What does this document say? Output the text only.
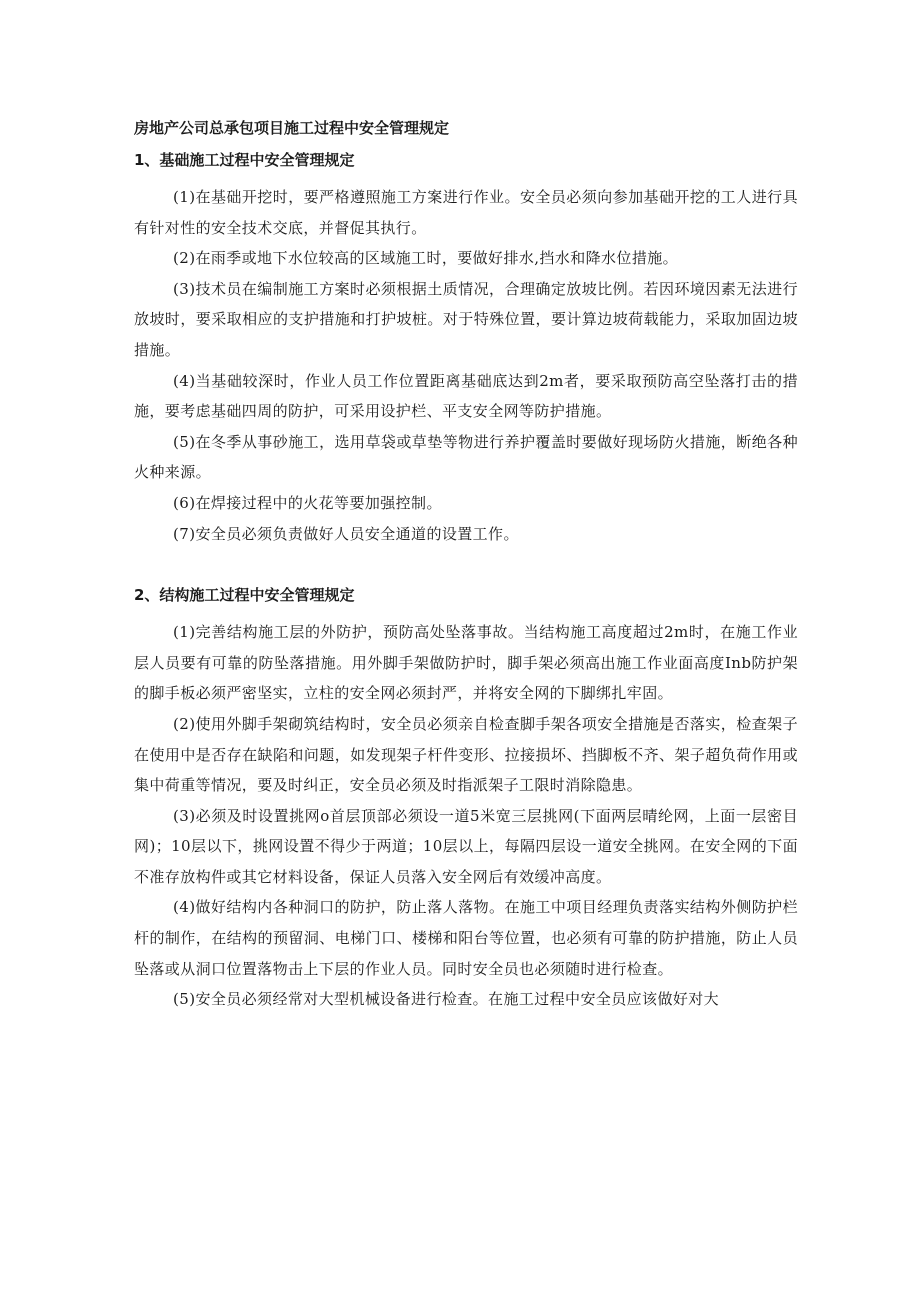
房地产公司总承包项目施工过程中安全管理规定

1、基础施工过程中安全管理规定

(1)在基础开挖时，要严格遵照施工方案进行作业。安全员必须向参加基础开挖的工人进行具有针对性的安全技术交底，并督促其执行。

(2)在雨季或地下水位较高的区域施工时，要做好排水,挡水和降水位措施。

(3)技术员在编制施工方案时必须根据土质情况，合理确定放坡比例。若因环境因素无法进行放坡时，要采取相应的支护措施和打护坡桩。对于特殊位置，要计算边坡荷载能力，采取加固边坡措施。

(4)当基础较深时，作业人员工作位置距离基础底达到2m者，要采取预防高空坠落打击的措施，要考虑基础四周的防护，可采用设护栏、平支安全网等防护措施。

(5)在冬季从事砂施工，选用草袋或草垫等物进行养护覆盖时要做好现场防火措施，断绝各种火种来源。

(6)在焊接过程中的火花等要加强控制。

(7)安全员必须负责做好人员安全通道的设置工作。

2、结构施工过程中安全管理规定

(1)完善结构施工层的外防护，预防高处坠落事故。当结构施工高度超过2m时，在施工作业层人员要有可靠的防坠落措施。用外脚手架做防护时，脚手架必须高出施工作业面高度Inb防护架的脚手板必须严密坚实，立柱的安全网必须封严，并将安全网的下脚绑扎牢固。

(2)使用外脚手架砌筑结构时，安全员必须亲自检查脚手架各项安全措施是否落实，检查架子在使用中是否存在缺陷和问题，如发现架子杆件变形、拉接损坏、挡脚板不齐、架子超负荷作用或集中荷重等情况，要及时纠正，安全员必须及时指派架子工限时消除隐患。

(3)必须及时设置挑网o首层顶部必须设一道5米宽三层挑网(下面两层晴纶网，上面一层密目网)；10层以下，挑网设置不得少于两道；10层以上，每隔四层设一道安全挑网。在安全网的下面不准存放构件或其它材料设备，保证人员落入安全网后有效缓冲高度。

(4)做好结构内各种洞口的防护，防止落人落物。在施工中项目经理负责落实结构外侧防护栏杆的制作，在结构的预留洞、电梯门口、楼梯和阳台等位置，也必须有可靠的防护措施，防止人员坠落或从洞口位置落物击上下层的作业人员。同时安全员也必须随时进行检查。

(5)安全员必须经常对大型机械设备进行检查。在施工过程中安全员应该做好对大
